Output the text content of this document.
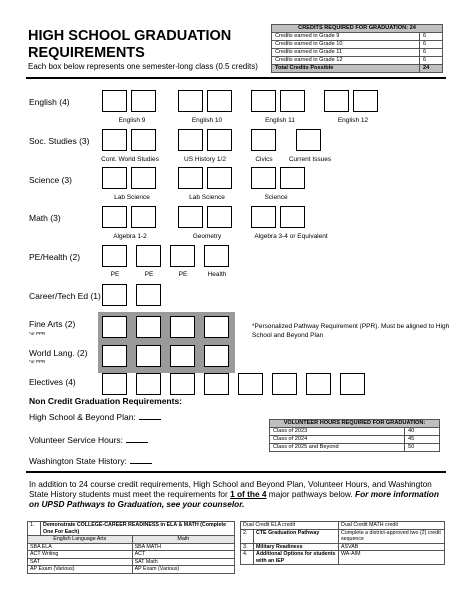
HIGH SCHOOL GRADUATION
REQUIREMENTS
Each box below represents one semester-long class (0.5 credits)
CREDITS REQUIRED FOR GRADUATION: 24	
Credits earned in Grade 9	6
Credits earned in Grade 10	6
Credits earned in Grade 11	6
Credits earned in Grade 12	6
Total Credits Possible	24
English (4)
English 9	English 10	English 11	English 12
Soc. Studies (3)
Cont. World Studies	US History 1/2	Civics	Current Issues
Science (3)
Lab Science	Lab Science	Science
Math (3)
Algebra 1-2	Geometry	Algebra 3-4 or Equivalent
PE/Health (2)
PE	PE	PE	Health
Career/Tech Ed (1)
Fine Arts (2)
*or PPR
*Personalized Pathway Requirement (PPR). Must be aligned to High School and Beyond Plan
World Lang. (2)
*or PPR
Electives (4)
Non Credit Graduation Requirements:
High School & Beyond Plan:
Volunteer Service Hours:
Washington State History:
VOLUNTEER HOURS REQUIRED FOR GRADUATION:	
Class of 2023	40
Class of 2024	45
Class of 2025 and Beyond	50
In addition to 24 course credit requirements, High School and Beyond Plan, Volunteer Hours, and Washington State History students must meet the requirements for 1 of the 4 major pathways below. For more information on UPSD Pathways to Graduation, see your counselor.
1.	Demonstrate COLLEGE-CAREER READINESS in ELA & MATH (Complete One For Each)	
English Language Arts		Math
SBA ELA		SBA MATH
ACT Writing		ACT
SAT		SAT Math
AP Exam (Various)		AP Exam (Various)
Dual Credit ELA credit		Dual Credit MATH credit
2.	CTE Graduation Pathway	Complete a district-approved two (2) credit sequence
3.	Military Readiness	ASVAB
4.	Additional Options for students with an IEP	WA-AIM
